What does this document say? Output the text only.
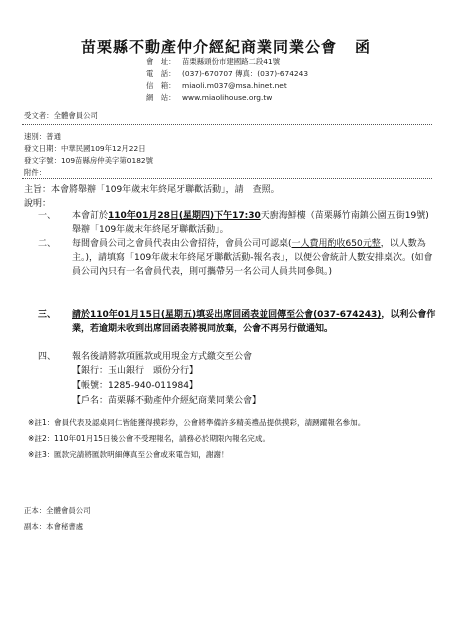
苗栗縣不動產仲介經紀商業同業公會 函
會　址： 苗栗縣頭份市建國路二段41號
電　話： (037)-670707 傳真：(037)-674243
信　箱： miaoli.m037@msa.hinet.net
網　站： www.miaolihouse.org.tw
受文者：全體會員公司
速別：普通
發文日期：中華民國109年12月22日
發文字號：109苗縣房仲美字第0182號
附件：
主旨：本會將舉辦「109年歲末年終尾牙聯歡活動」，請　查照。
說明：
一、 本會訂於110年01月28日(星期四)下午17:30天廚海鮮樓（苗栗縣竹南鎮公園五街19號)舉辦「109年歲末年終尾牙聯歡活動」。
二、 每間會員公司之會員代表由公會招待，會員公司可認桌(一人費用酌收650元整，以人數為主。)，請填寫「109年歲末年終尾牙聯歡活動-報名表」，以便公會統計人數安排桌次。(如會員公司內只有一名會員代表，則可攜帶另一名公司人員共同參與。)
三、 請於110年01月15日(星期五)填妥出席回函表並回傳至公會(037-674243)，以利公會作業，若逾期未收到出席回函表將視同放棄，公會不再另行做通知。
四、 報名後請將款項匯款或用現金方式繳交至公會
【銀行：玉山銀行　頭份分行】
【帳號：1285-940-011984】
【戶名：苗栗縣不動產仲介經紀商業同業公會】
※註1： 會員代表及認桌同仁皆能獲得摸彩券，公會將準備許多精美禮品提供摸彩，請踴躍報名參加。
※註2： 110年01月15日後公會不受理報名，請務必於期限內報名完成。
※註3： 匯款完請將匯款明細傳真至公會或來電告知，謝謝！
正本：全體會員公司
副本：本會秘書處
